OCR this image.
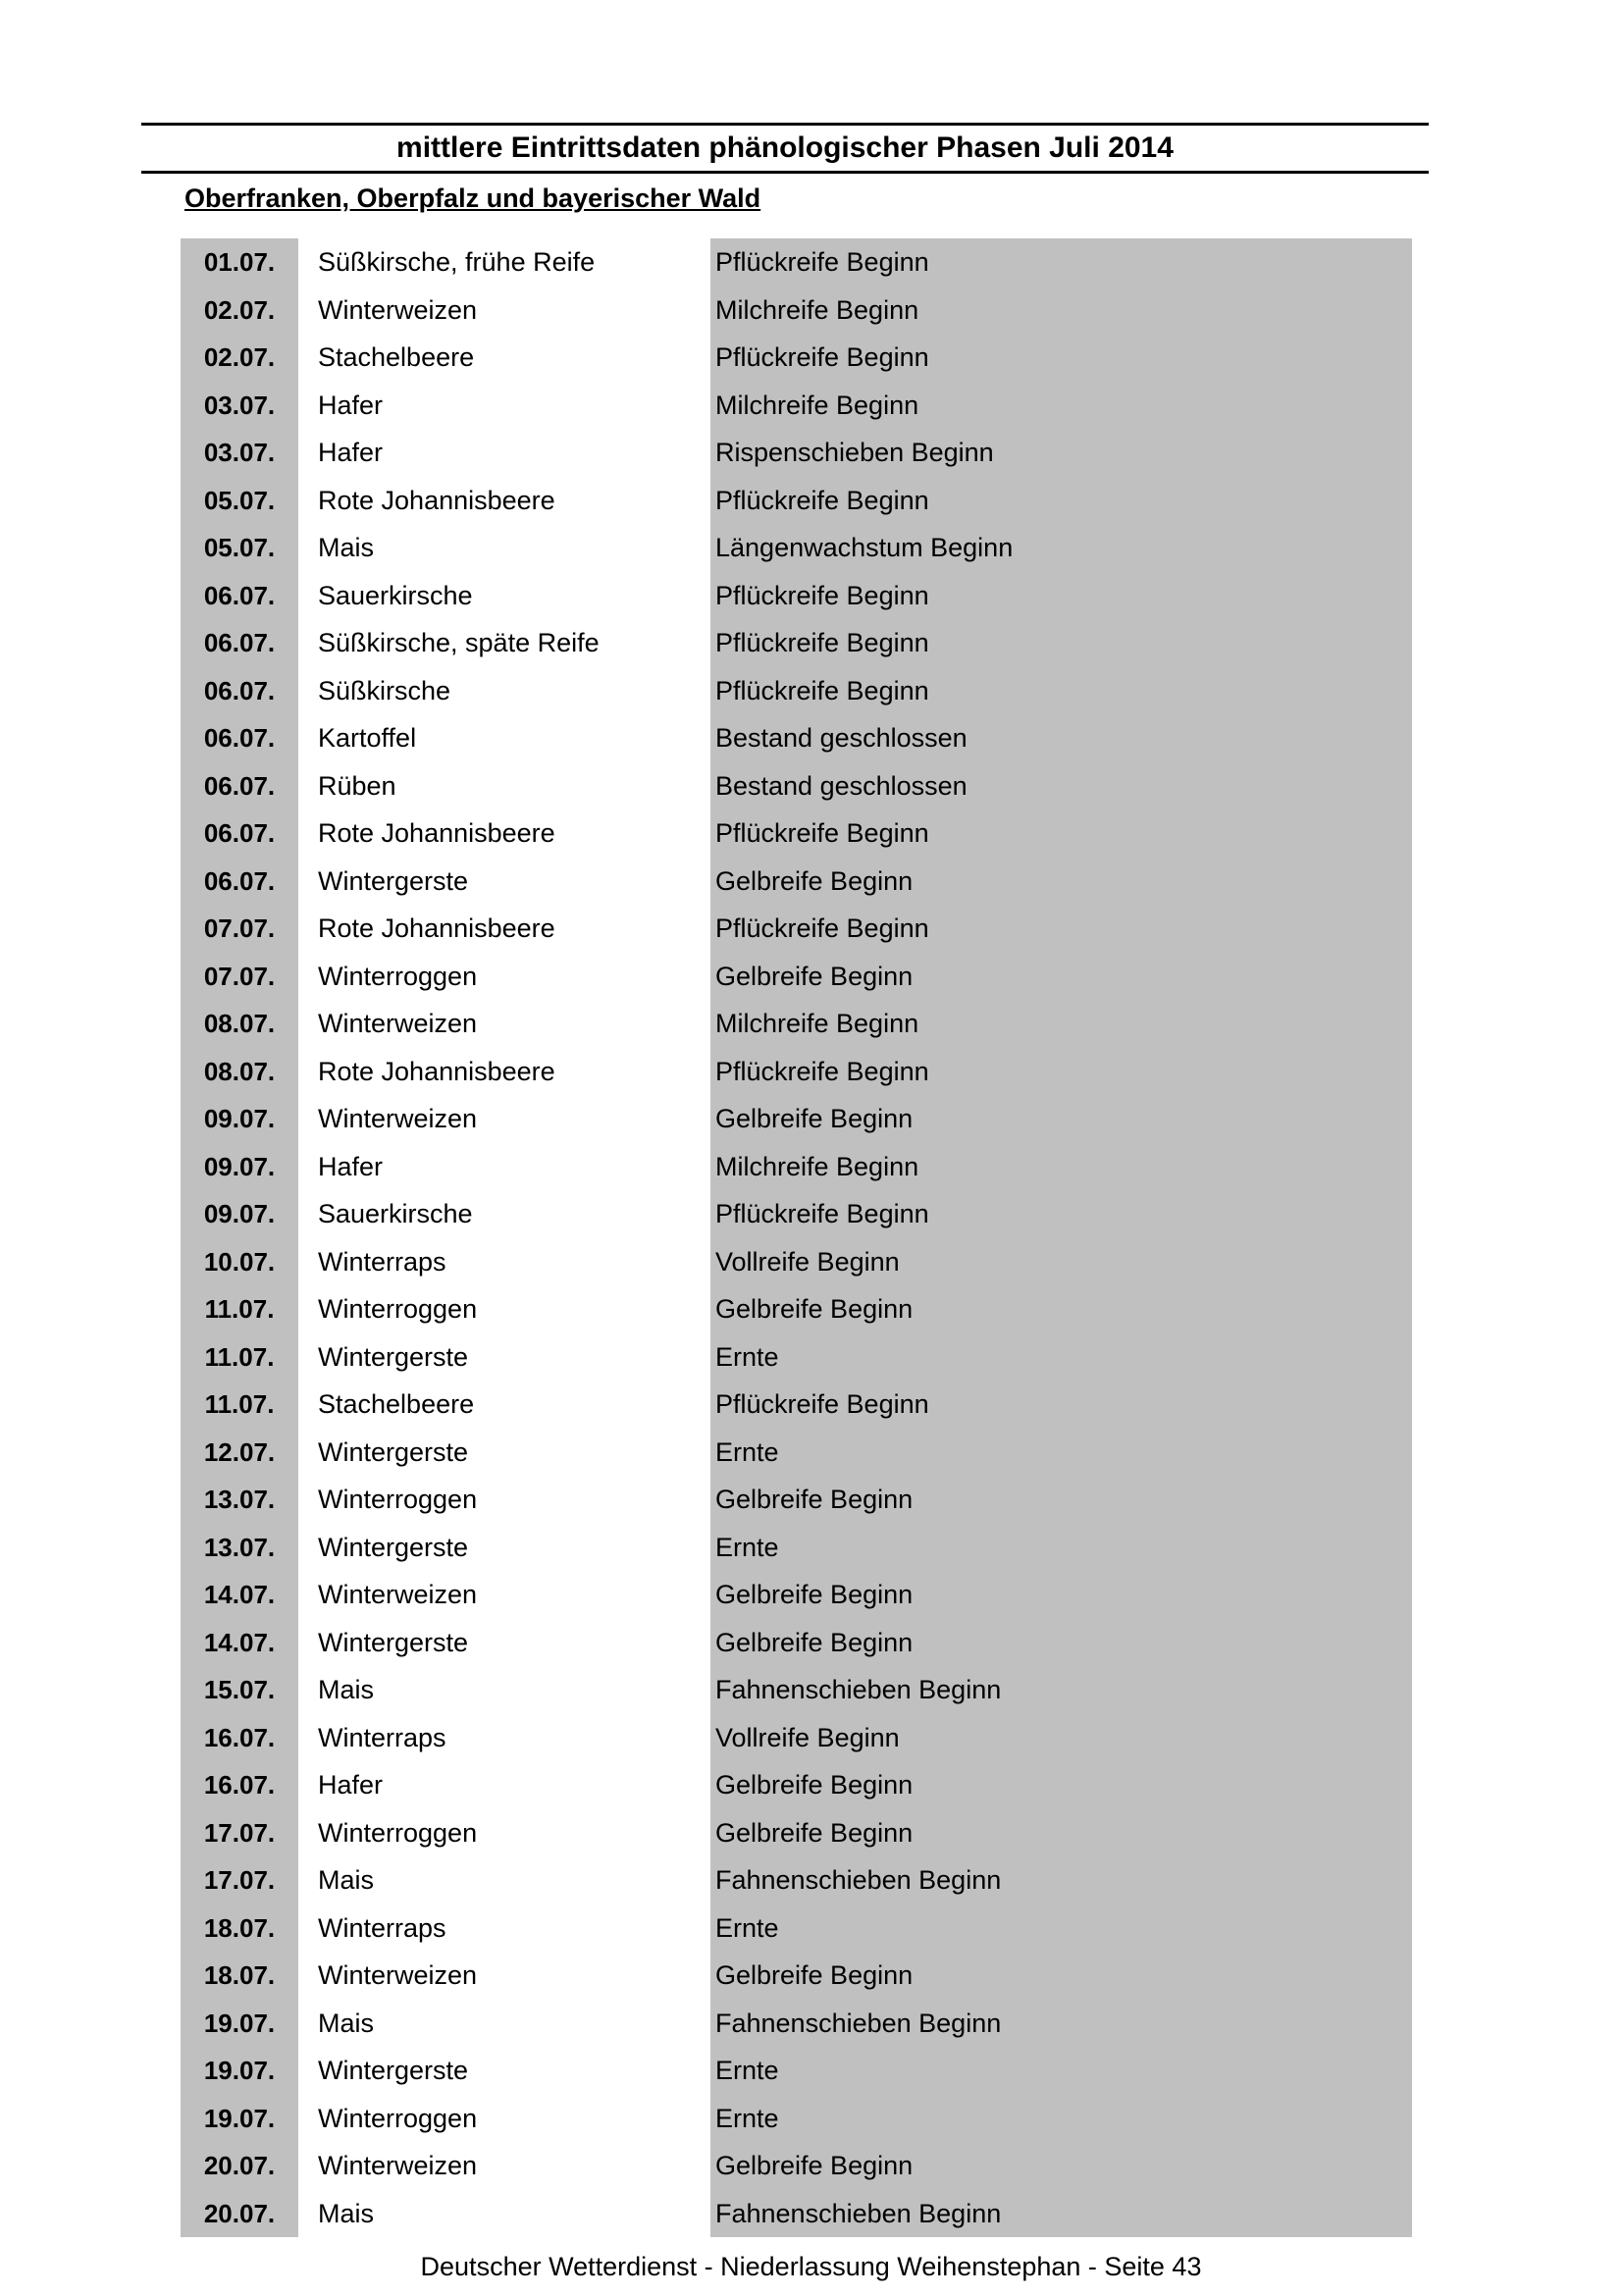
mittlere Eintrittsdaten phänologischer Phasen Juli 2014
Oberfranken, Oberpfalz und bayerischer Wald
01.07.	Süßkirsche, frühe Reife	Pflückreife Beginn
02.07.	Winterweizen	Milchreife Beginn
02.07.	Stachelbeere	Pflückreife Beginn
03.07.	Hafer	Milchreife Beginn
03.07.	Hafer	Rispenschieben Beginn
05.07.	Rote Johannisbeere	Pflückreife Beginn
05.07.	Mais	Längenwachstum Beginn
06.07.	Sauerkirsche	Pflückreife Beginn
06.07.	Süßkirsche, späte Reife	Pflückreife Beginn
06.07.	Süßkirsche	Pflückreife Beginn
06.07.	Kartoffel	Bestand geschlossen
06.07.	Rüben	Bestand geschlossen
06.07.	Rote Johannisbeere	Pflückreife Beginn
06.07.	Wintergerste	Gelbreife Beginn
07.07.	Rote Johannisbeere	Pflückreife Beginn
07.07.	Winterroggen	Gelbreife Beginn
08.07.	Winterweizen	Milchreife Beginn
08.07.	Rote Johannisbeere	Pflückreife Beginn
09.07.	Winterweizen	Gelbreife Beginn
09.07.	Hafer	Milchreife Beginn
09.07.	Sauerkirsche	Pflückreife Beginn
10.07.	Winterraps	Vollreife Beginn
11.07.	Winterroggen	Gelbreife Beginn
11.07.	Wintergerste	Ernte
11.07.	Stachelbeere	Pflückreife Beginn
12.07.	Wintergerste	Ernte
13.07.	Winterroggen	Gelbreife Beginn
13.07.	Wintergerste	Ernte
14.07.	Winterweizen	Gelbreife Beginn
14.07.	Wintergerste	Gelbreife Beginn
15.07.	Mais	Fahnenschieben Beginn
16.07.	Winterraps	Vollreife Beginn
16.07.	Hafer	Gelbreife Beginn
17.07.	Winterroggen	Gelbreife Beginn
17.07.	Mais	Fahnenschieben Beginn
18.07.	Winterraps	Ernte
18.07.	Winterweizen	Gelbreife Beginn
19.07.	Mais	Fahnenschieben Beginn
19.07.	Wintergerste	Ernte
19.07.	Winterroggen	Ernte
20.07.	Winterweizen	Gelbreife Beginn
20.07.	Mais	Fahnenschieben Beginn
Deutscher Wetterdienst - Niederlassung Weihenstephan - Seite 43
